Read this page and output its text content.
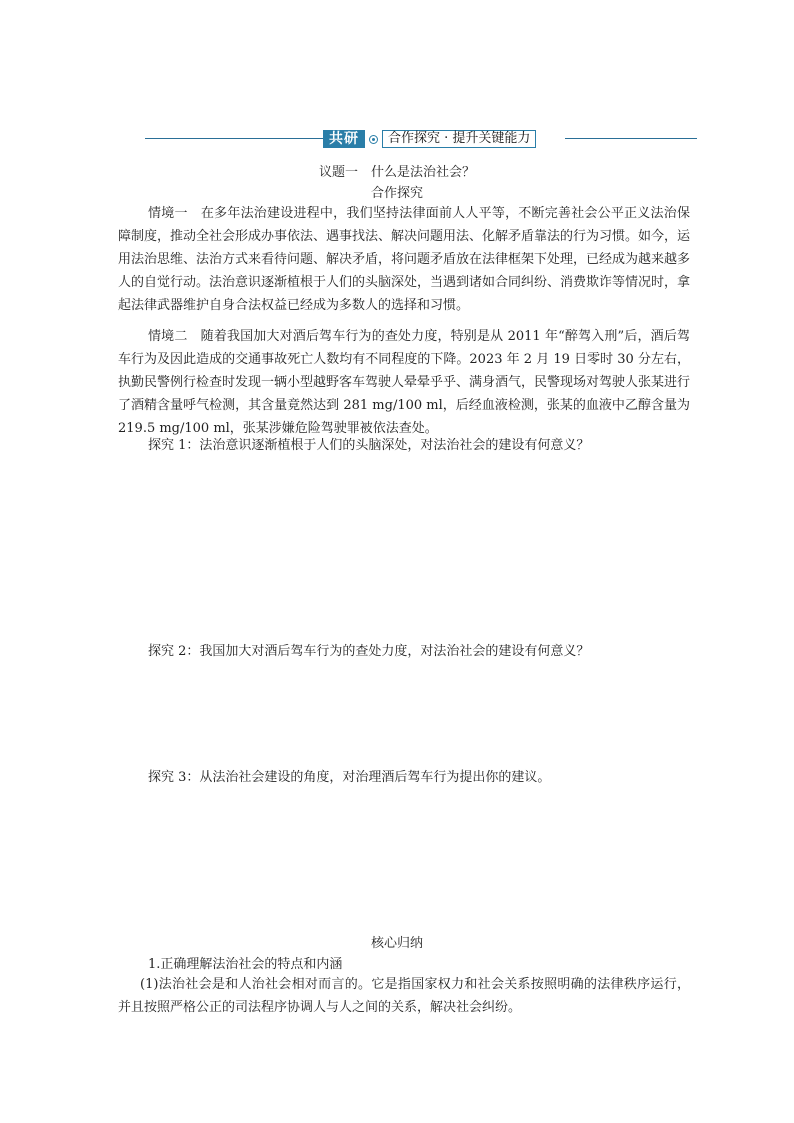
共研	合作探究 · 提升关键能力
议题一　什么是法治社会？
合作探究

情境一　在多年法治建设进程中，我们坚持法律面前人人平等，不断完善社会公平正义法治保障制度，推动全社会形成办事依法、遇事找法、解决问题用法、化解矛盾靠法的行为习惯。如今，运用法治思维、法治方式来看待问题、解决矛盾，将问题矛盾放在法律框架下处理，已经成为越来越多人的自觉行动。法治意识逐渐植根于人们的头脑深处，当遇到诸如合同纠纷、消费欺诈等情况时，拿起法律武器维护自身合法权益已经成为多数人的选择和习惯。

情境二　随着我国加大对酒后驾车行为的查处力度，特别是从 2011 年“醉驾入刑”后，酒后驾车行为及因此造成的交通事故死亡人数均有不同程度的下降。2023 年 2 月 19 日零时 30 分左右，执勤民警例行检查时发现一辆小型越野客车驾驶人晕晕乎乎、满身酒气，民警现场对驾驶人张某进行了酒精含量呼气检测，其含量竟然达到 281 mg/100 ml，后经血液检测，张某的血液中乙醇含量为 219.5 mg/100 ml，张某涉嫌危险驾驶罪被依法查处。

探究 1：法治意识逐渐植根于人们的头脑深处，对法治社会的建设有何意义？

探究 2：我国加大对酒后驾车行为的查处力度，对法治社会的建设有何意义？

探究 3：从法治社会建设的角度，对治理酒后驾车行为提出你的建议。

核心归纳

1.正确理解法治社会的特点和内涵

(1)法治社会是和人治社会相对而言的。它是指国家权力和社会关系按照明确的法律秩序运行，并且按照严格公正的司法程序协调人与人之间的关系，解决社会纠纷。
